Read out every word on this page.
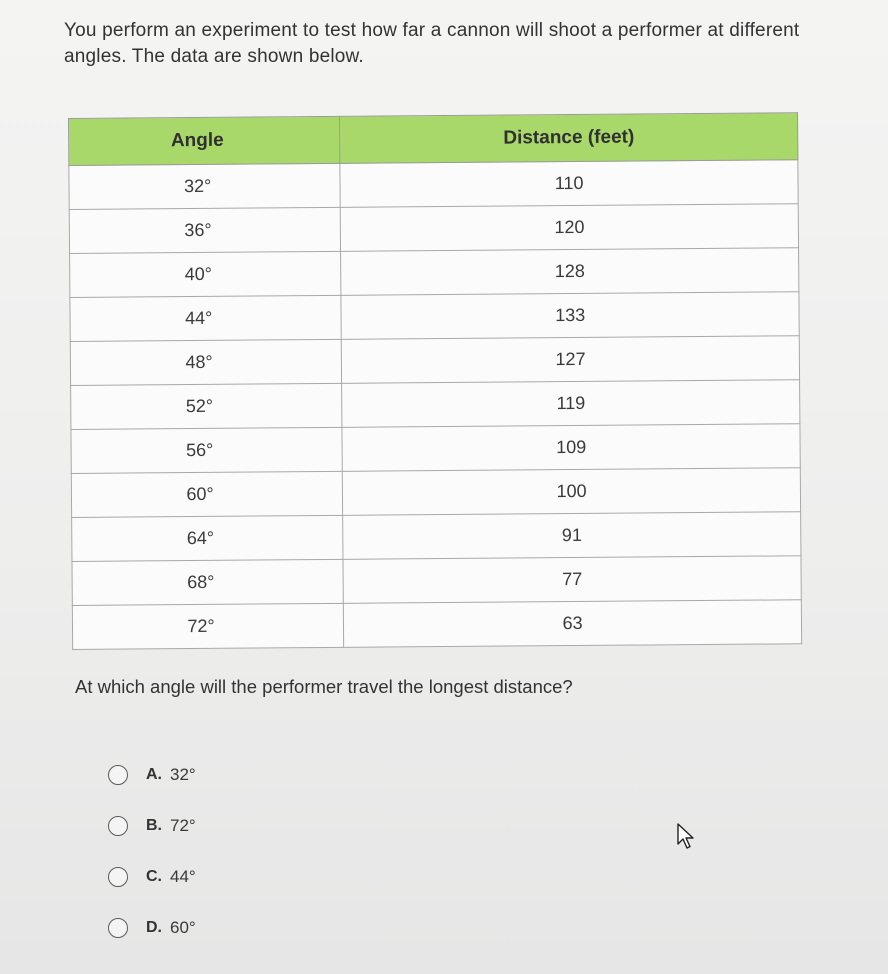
You perform an experiment to test how far a cannon will shoot a performer at different angles. The data are shown below.
Angle	Distance (feet)
32°	110
36°	120
40°	128
44°	133
48°	127
52°	119
56°	109
60°	100
64°	91
68°	77
72°	63
At which angle will the performer travel the longest distance?
A. 32°
B. 72°
C. 44°
D. 60°
